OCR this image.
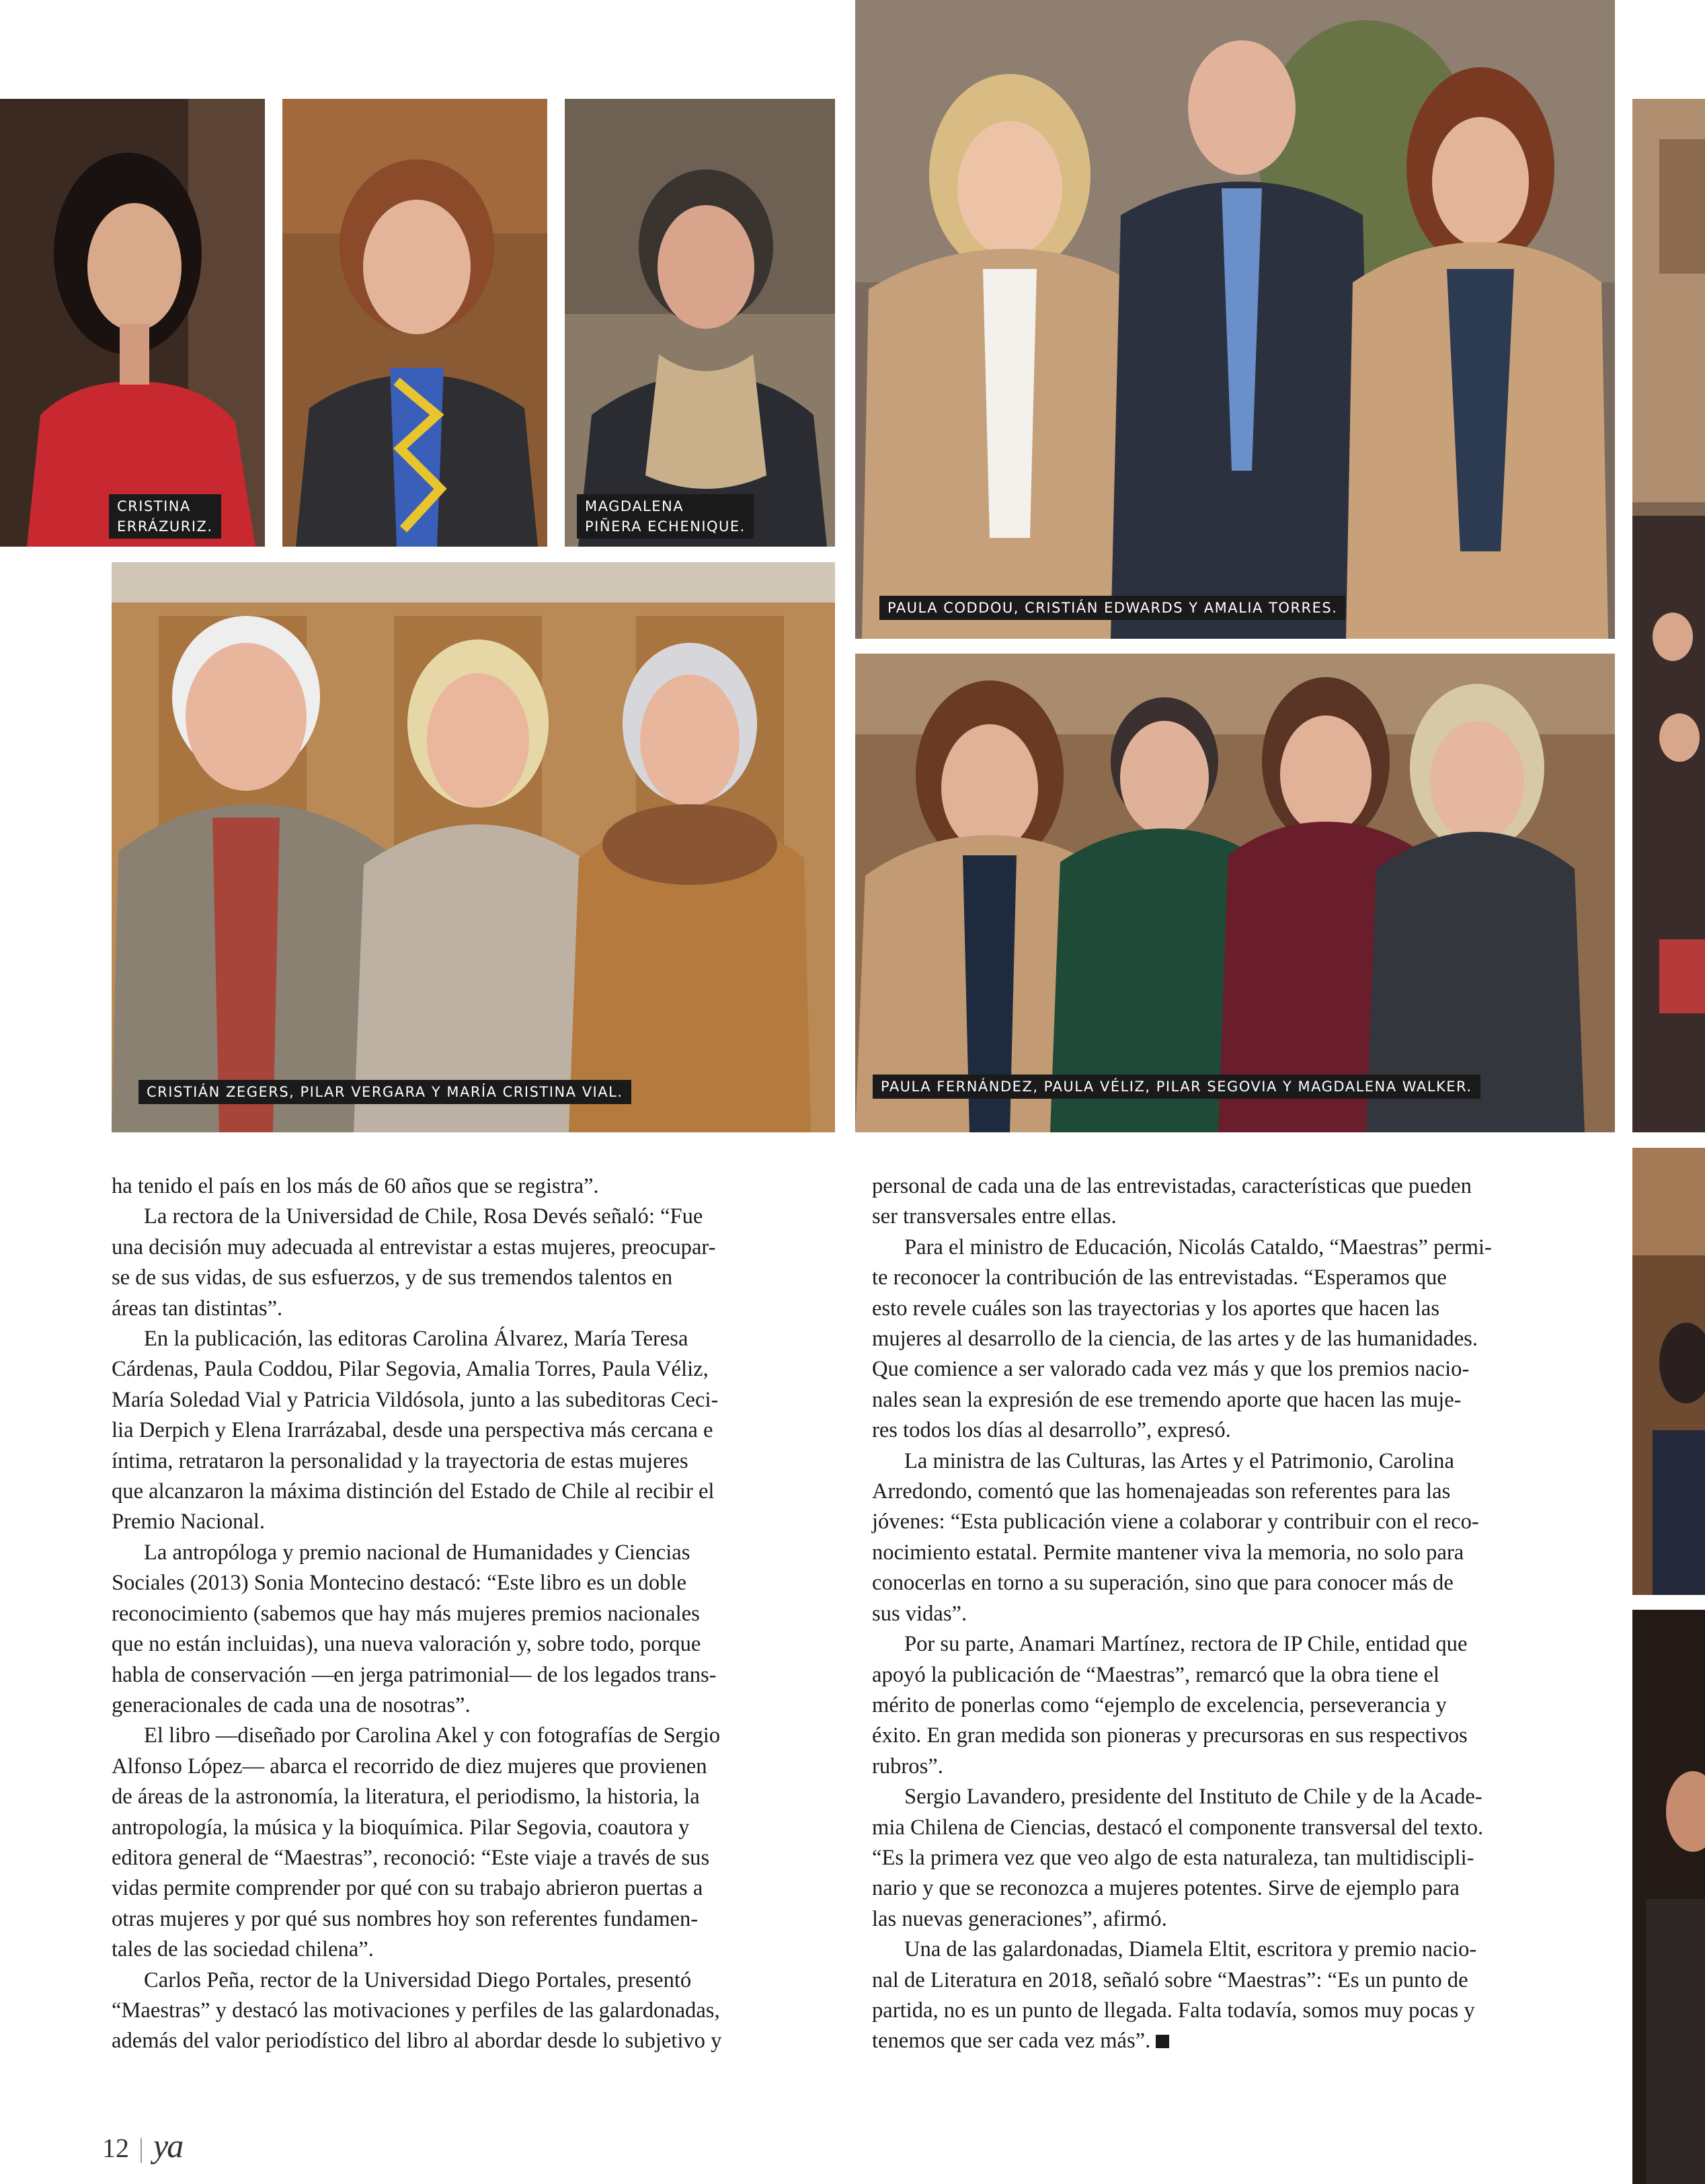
CRISTINA
ERRÁZURIZ.
MAGDALENA
PIÑERA ECHENIQUE.
PAULA CODDOU, CRISTIÁN EDWARDS Y AMALIA TORRES.
CRISTIÁN ZEGERS, PILAR VERGARA Y MARÍA CRISTINA VIAL.	PAULA FERNÁNDEZ, PAULA VÉLIZ, PILAR SEGOVIA Y MAGDALENA WALKER.

ha tenido el país en los más de 60 años que se registra”.

La rectora de la Universidad de Chile, Rosa Devés señaló: “Fue
una decisión muy adecuada al entrevistar a estas mujeres, preocupar-
se de sus vidas, de sus esfuerzos, y de sus tremendos talentos en
áreas tan distintas”.

En la publicación, las editoras Carolina Álvarez, María Teresa
Cárdenas, Paula Coddou, Pilar Segovia, Amalia Torres, Paula Véliz,
María Soledad Vial y Patricia Vildósola, junto a las subeditoras Ceci-
lia Derpich y Elena Irarrázabal, desde una perspectiva más cercana e
íntima, retrataron la personalidad y la trayectoria de estas mujeres
que alcanzaron la máxima distinción del Estado de Chile al recibir el
Premio Nacional.

La antropóloga y premio nacional de Humanidades y Ciencias
Sociales (2013) Sonia Montecino destacó: “Este libro es un doble
reconocimiento (sabemos que hay más mujeres premios nacionales
que no están incluidas), una nueva valoración y, sobre todo, porque
habla de conservación —en jerga patrimonial— de los legados trans-
generacionales de cada una de nosotras”.

El libro —diseñado por Carolina Akel y con fotografías de Sergio
Alfonso López— abarca el recorrido de diez mujeres que provienen
de áreas de la astronomía, la literatura, el periodismo, la historia, la
antropología, la música y la bioquímica. Pilar Segovia, coautora y
editora general de “Maestras”, reconoció: “Este viaje a través de sus
vidas permite comprender por qué con su trabajo abrieron puertas a
otras mujeres y por qué sus nombres hoy son referentes fundamen-
tales de las sociedad chilena”.

Carlos Peña, rector de la Universidad Diego Portales, presentó
“Maestras” y destacó las motivaciones y perfiles de las galardonadas,
además del valor periodístico del libro al abordar desde lo subjetivo y

personal de cada una de las entrevistadas, características que pueden
ser transversales entre ellas.

Para el ministro de Educación, Nicolás Cataldo, “Maestras” permi-
te reconocer la contribución de las entrevistadas. “Esperamos que
esto revele cuáles son las trayectorias y los aportes que hacen las
mujeres al desarrollo de la ciencia, de las artes y de las humanidades.
Que comience a ser valorado cada vez más y que los premios nacio-
nales sean la expresión de ese tremendo aporte que hacen las muje-
res todos los días al desarrollo”, expresó.

La ministra de las Culturas, las Artes y el Patrimonio, Carolina
Arredondo, comentó que las homenajeadas son referentes para las
jóvenes: “Esta publicación viene a colaborar y contribuir con el reco-
nocimiento estatal. Permite mantener viva la memoria, no solo para
conocerlas en torno a su superación, sino que para conocer más de
sus vidas”.

Por su parte, Anamari Martínez, rectora de IP Chile, entidad que
apoyó la publicación de “Maestras”, remarcó que la obra tiene el
mérito de ponerlas como “ejemplo de excelencia, perseverancia y
éxito. En gran medida son pioneras y precursoras en sus respectivos
rubros”.

Sergio Lavandero, presidente del Instituto de Chile y de la Acade-
mia Chilena de Ciencias, destacó el componente transversal del texto.
“Es la primera vez que veo algo de esta naturaleza, tan multidiscipli-
nario y que se reconozca a mujeres potentes. Sirve de ejemplo para
las nuevas generaciones”, afirmó.

Una de las galardonadas, Diamela Eltit, escritora y premio nacio-
nal de Literatura en 2018, señaló sobre “Maestras”: “Es un punto de
partida, no es un punto de llegada. Falta todavía, somos muy pocas y
tenemos que ser cada vez más”.

12 | ya
